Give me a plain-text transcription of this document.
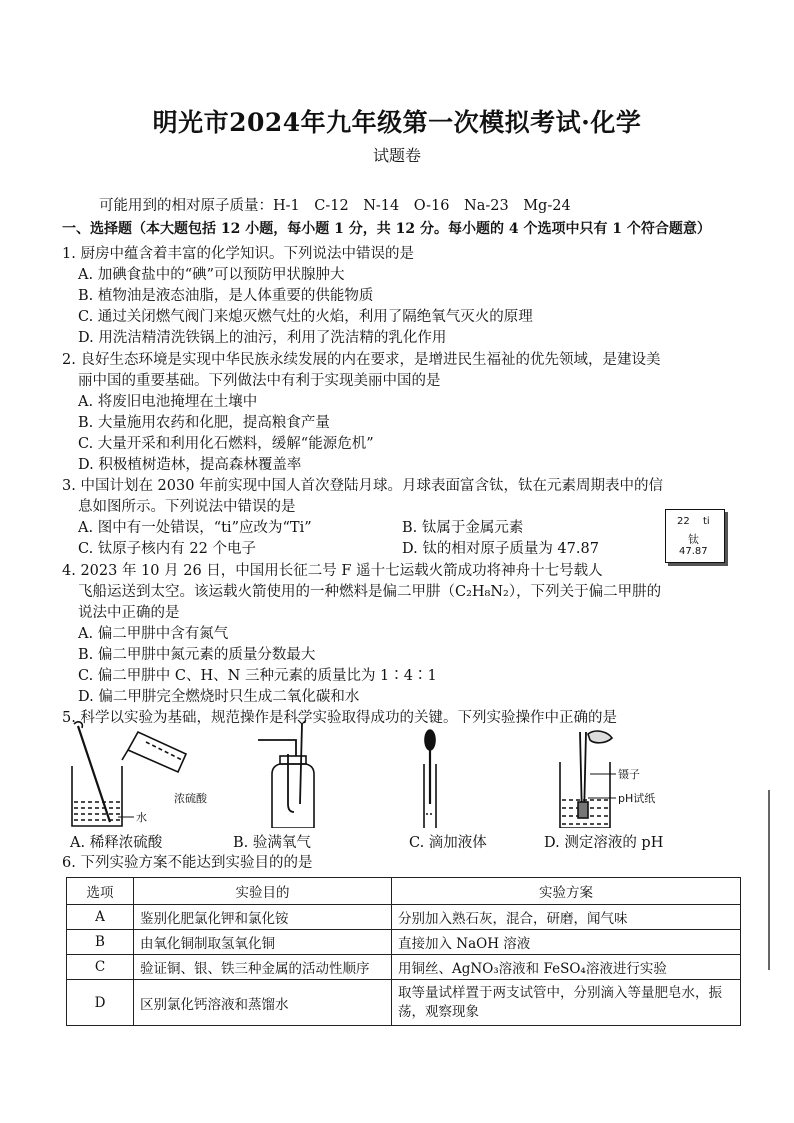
明光市2024年九年级第一次模拟考试·化学
试题卷
可能用到的相对原子质量：H-1　C-12　N-14　O-16　Na-23　Mg-24
一、选择题（本大题包括 12 小题，每小题 1 分，共 12 分。每小题的 4 个选项中只有 1 个符合题意）
1. 厨房中蕴含着丰富的化学知识。下列说法中错误的是
A. 加碘食盐中的“碘”可以预防甲状腺肿大
B. 植物油是液态油脂，是人体重要的供能物质
C. 通过关闭燃气阀门来熄灭燃气灶的火焰，利用了隔绝氧气灭火的原理
D. 用洗洁精清洗铁锅上的油污，利用了洗洁精的乳化作用
2. 良好生态环境是实现中华民族永续发展的内在要求，是增进民生福祉的优先领域，是建设美
丽中国的重要基础。下列做法中有利于实现美丽中国的是
A. 将废旧电池掩埋在土壤中
B. 大量施用农药和化肥，提高粮食产量
C. 大量开采和利用化石燃料，缓解“能源危机”
D. 积极植树造林，提高森林覆盖率
3. 中国计划在 2030 年前实现中国人首次登陆月球。月球表面富含钛，钛在元素周期表中的信
息如图所示。下列说法中错误的是
A. 图中有一处错误，“ti”应改为“Ti”	B. 钛属于金属元素
C. 钛原子核内有 22 个电子	D. 钛的相对原子质量为 47.87
22 ti
钛
47.87
4. 2023 年 10 月 26 日，中国用长征二号 F 遥十七运载火箭成功将神舟十七号载人
飞船运送到太空。该运载火箭使用的一种燃料是偏二甲肼（C₂H₈N₂），下列关于偏二甲肼的
说法中正确的是
A. 偏二甲肼中含有氮气
B. 偏二甲肼中氮元素的质量分数最大
C. 偏二甲肼中 C、H、N 三种元素的质量比为 1∶4∶1
D. 偏二甲肼完全燃烧时只生成二氧化碳和水
5. 科学以实验为基础，规范操作是科学实验取得成功的关键。下列实验操作中正确的是
浓硫酸
水
镊子
pH试纸
A. 稀释浓硫酸	B. 验满氧气	C. 滴加液体	D. 测定溶液的 pH
6. 下列实验方案不能达到实验目的的是
选项	实验目的	实验方案
A	鉴别化肥氯化钾和氯化铵	分别加入熟石灰，混合，研磨，闻气味
B	由氧化铜制取氢氧化铜	直接加入 NaOH 溶液
C	验证铜、银、铁三种金属的活动性顺序	用铜丝、AgNO₃溶液和 FeSO₄溶液进行实验
D	区别氯化钙溶液和蒸馏水	取等量试样置于两支试管中，分别滴入等量肥皂水，振荡，观察现象
